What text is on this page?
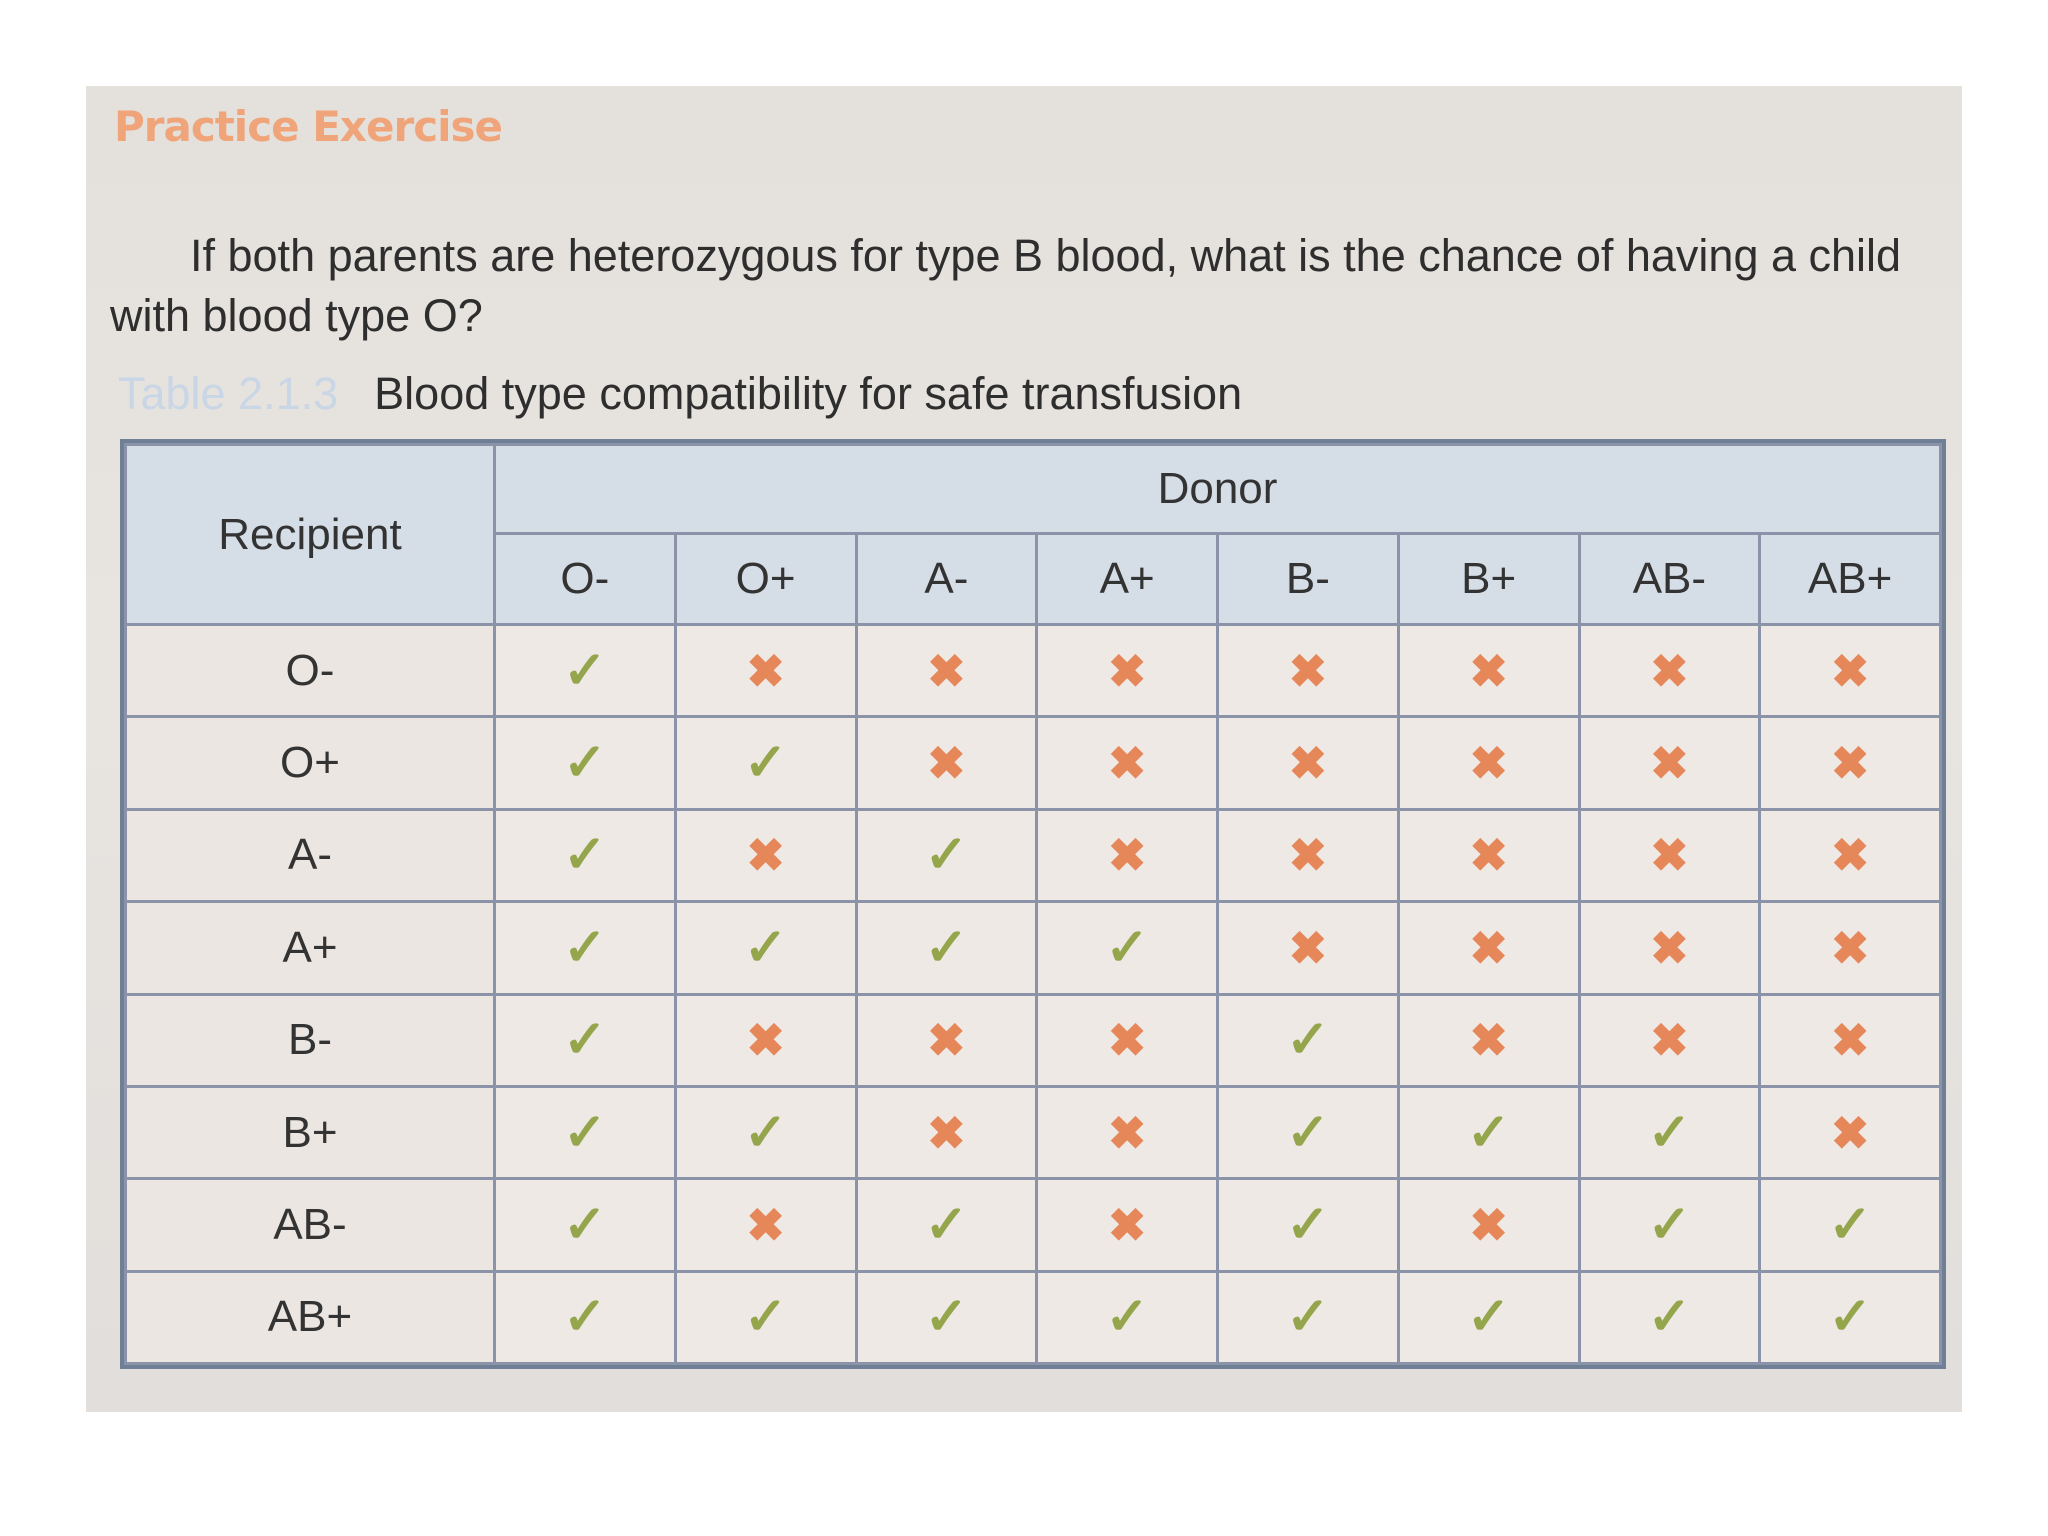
Practice Exercise
If both parents are heterozygous for type B blood, what is the chance of having a child with blood type O?
Table 2.1.3 Blood type compatibility for safe transfusion
Recipient	Donor							
	O-	O+	A-	A+	B-	B+	AB-	AB+
O-	✓	✖	✖	✖	✖	✖	✖	✖
O+	✓	✓	✖	✖	✖	✖	✖	✖
A-	✓	✖	✓	✖	✖	✖	✖	✖
A+	✓	✓	✓	✓	✖	✖	✖	✖
B-	✓	✖	✖	✖	✓	✖	✖	✖
B+	✓	✓	✖	✖	✓	✓	✓	✖
AB-	✓	✖	✓	✖	✓	✖	✓	✓
AB+	✓	✓	✓	✓	✓	✓	✓	✓
